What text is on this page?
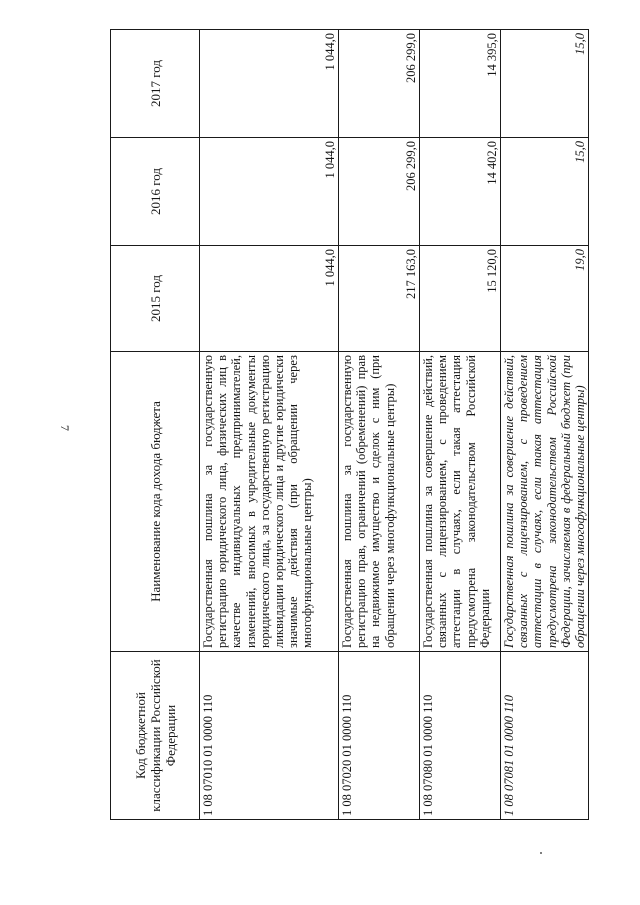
7
Код бюджетной классификации Российской Федерации	Наименование кода дохода бюджета	2015 год	2016 год	2017 год
1 08 07010 01 0000 110	Государственная пошлина за государственную регистрацию юридического лица, физических лиц в качестве индивидуальных предпринимателей, изменений, вносимых в учредительные документы юридического лица, за государственную регистрацию ликвидации юридического лица и другие юридически значимые действия (при обращении через многофункциональные центры)	1 044,0	1 044,0	1 044,0
1 08 07020 01 0000 110	Государственная пошлина за государственную регистрацию прав, ограничений (обременений) прав на недвижимое имущество и сделок с ним (при обращении через многофункциональные центры)	217 163,0	206 299,0	206 299,0
1 08 07080 01 0000 110	Государственная пошлина за совершение действий, связанных с лицензированием, с проведением аттестации в случаях, если такая аттестация предусмотрена законодательством Российской Федерации	15 120,0	14 402,0	14 395,0
1 08 07081 01 0000 110	Государственная пошлина за совершение действий, связанных с лицензированием, с проведением аттестации в случаях, если такая аттестация предусмотрена законодательством Российской Федерации, зачисляемая в федеральный бюджет (при обращении через многофункциональные центры)	19,0	15,0	15,0
